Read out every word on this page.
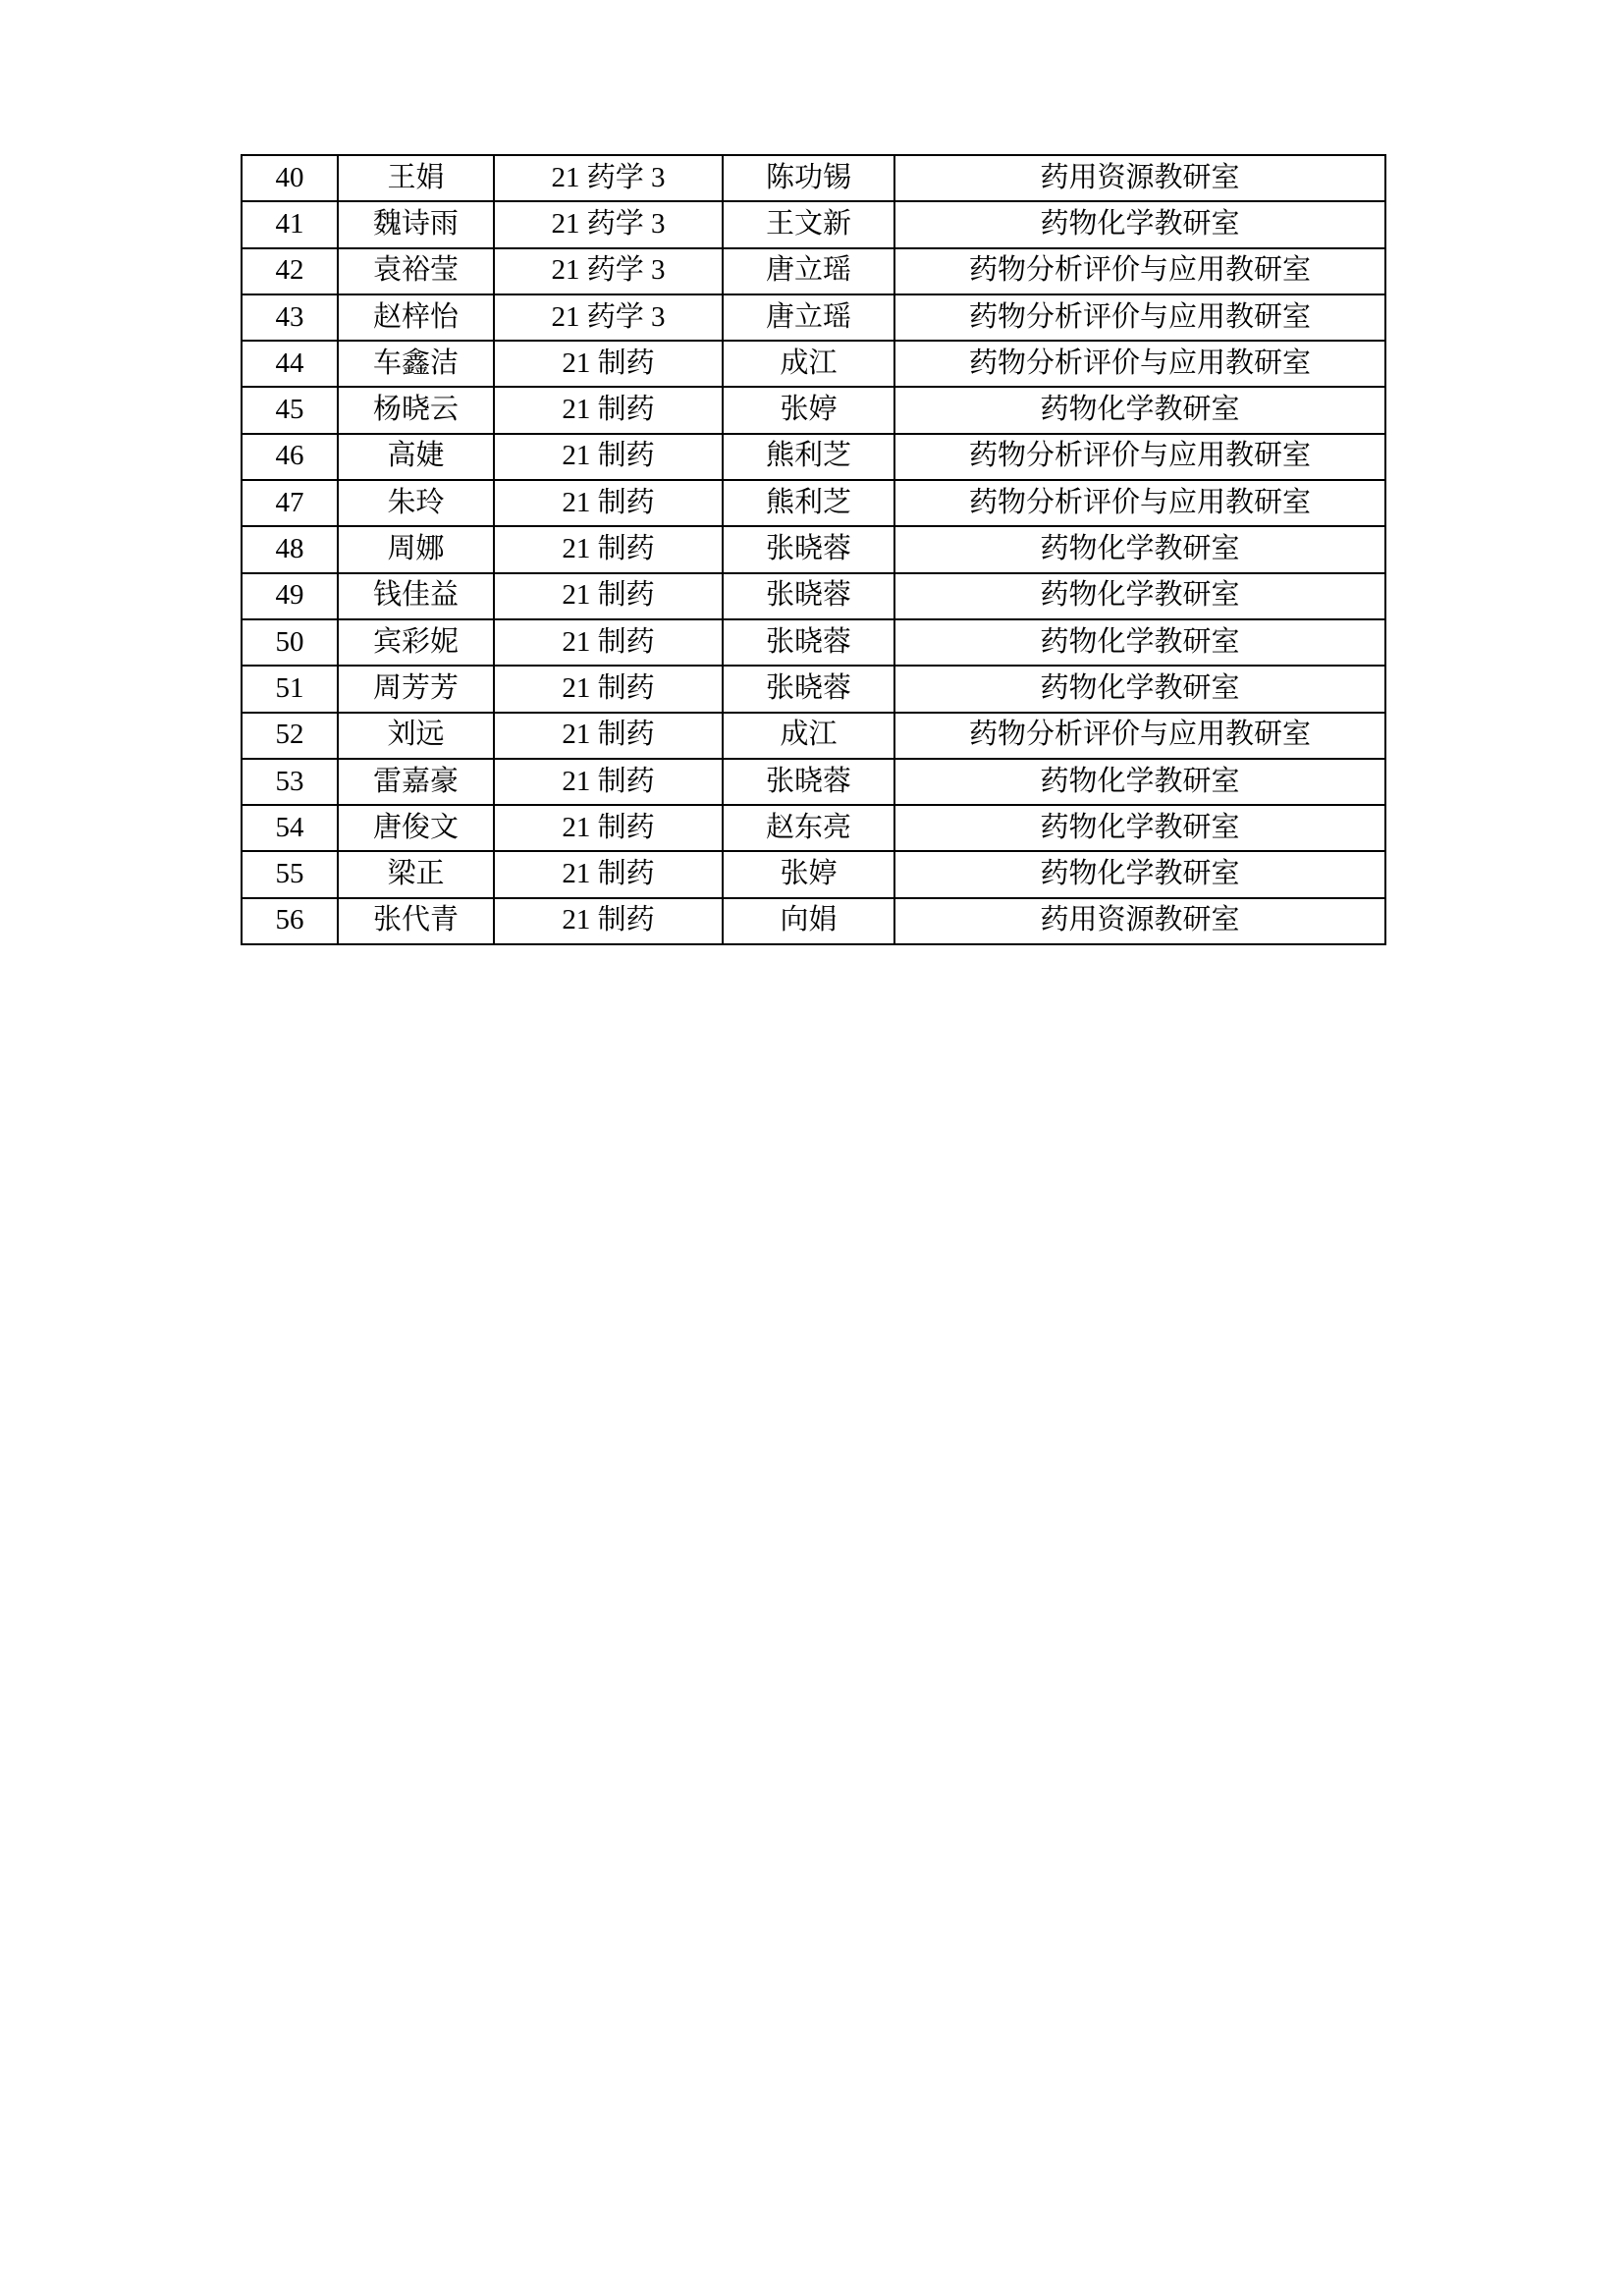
40	王娟	21 药学 3	陈功锡	药用资源教研室
41	魏诗雨	21 药学 3	王文新	药物化学教研室
42	袁裕莹	21 药学 3	唐立瑶	药物分析评价与应用教研室
43	赵梓怡	21 药学 3	唐立瑶	药物分析评价与应用教研室
44	车鑫洁	21 制药	成江	药物分析评价与应用教研室
45	杨晓云	21 制药	张婷	药物化学教研室
46	高婕	21 制药	熊利芝	药物分析评价与应用教研室
47	朱玲	21 制药	熊利芝	药物分析评价与应用教研室
48	周娜	21 制药	张晓蓉	药物化学教研室
49	钱佳益	21 制药	张晓蓉	药物化学教研室
50	宾彩妮	21 制药	张晓蓉	药物化学教研室
51	周芳芳	21 制药	张晓蓉	药物化学教研室
52	刘远	21 制药	成江	药物分析评价与应用教研室
53	雷嘉豪	21 制药	张晓蓉	药物化学教研室
54	唐俊文	21 制药	赵东亮	药物化学教研室
55	梁正	21 制药	张婷	药物化学教研室
56	张代青	21 制药	向娟	药用资源教研室
